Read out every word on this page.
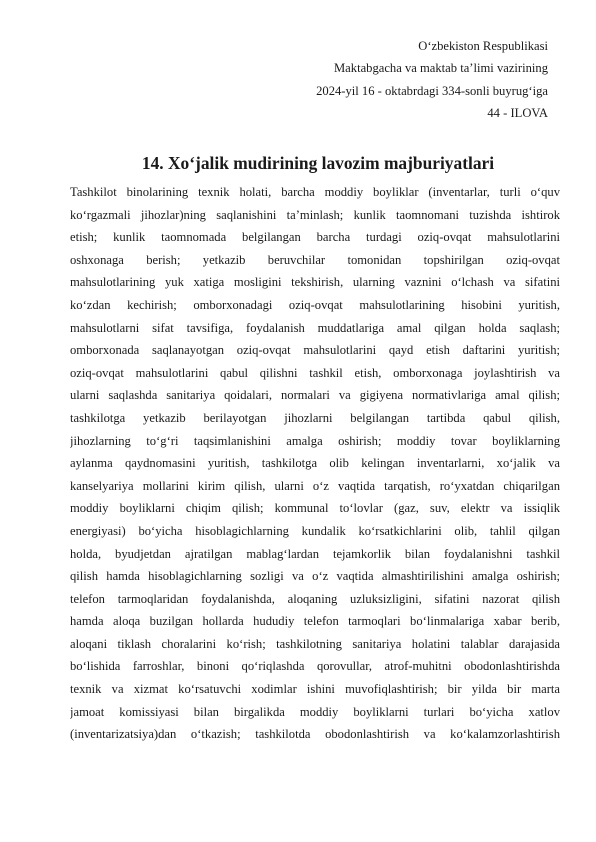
O‘zbekiston Respublikasi
Maktabgacha va maktab ta’limi vazirining
2024-yil 16 - oktabrdagi 334-sonli buyrug‘iga
44 - ILOVA
14. Xo‘jalik mudirining lavozim majburiyatlari
Tashkilot binolarining texnik holati, barcha moddiy boyliklar (inventarlar, turli o‘quv
ko‘rgazmali jihozlar)ning saqlanishini ta’minlash; kunlik taomnomani tuzishda ishtirok
etish; kunlik taomnomada belgilangan barcha turdagi oziq-ovqat mahsulotlarini
oshxonaga berish; yetkazib beruvchilar tomonidan topshirilgan oziq-ovqat
mahsulotlarining yuk xatiga mosligini tekshirish, ularning vaznini o‘lchash va sifatini
ko‘zdan kechirish; omborxonadagi oziq-ovqat mahsulotlarining hisobini yuritish,
mahsulotlarni sifat tavsifiga, foydalanish muddatlariga amal qilgan holda saqlash;
omborxonada saqlanayotgan oziq-ovqat mahsulotlarini qayd etish daftarini yuritish;
oziq-ovqat mahsulotlarini qabul qilishni tashkil etish, omborxonaga joylashtirish va
ularni saqlashda sanitariya qoidalari, normalari va gigiyena normativlariga amal qilish;
tashkilotga yetkazib berilayotgan jihozlarni belgilangan tartibda qabul qilish,
jihozlarning to‘g‘ri taqsimlanishini amalga oshirish; moddiy tovar boyliklarning
aylanma qaydnomasini yuritish, tashkilotga olib kelingan inventarlarni, xo‘jalik va
kanselyariya mollarini kirim qilish, ularni o‘z vaqtida tarqatish, ro‘yxatdan chiqarilgan
moddiy boyliklarni chiqim qilish; kommunal to‘lovlar (gaz, suv, elektr va issiqlik
energiyasi) bo‘yicha hisoblagichlarning kundalik ko‘rsatkichlarini olib, tahlil qilgan
holda, byudjetdan ajratilgan mablag‘lardan tejamkorlik bilan foydalanishni tashkil
qilish hamda hisoblagichlarning sozligi va o‘z vaqtida almashtirilishini amalga oshirish;
telefon tarmoqlaridan foydalanishda, aloqaning uzluksizligini, sifatini nazorat qilish
hamda aloqa buzilgan hollarda hududiy telefon tarmoqlari bo‘linmalariga xabar berib,
aloqani tiklash choralarini ko‘rish; tashkilotning sanitariya holatini talablar darajasida
bo‘lishida farroshlar, binoni qo‘riqlashda qorovullar, atrof-muhitni obodonlashtirishda
texnik va xizmat ko‘rsatuvchi xodimlar ishini muvofiqlashtirish; bir yilda bir marta
jamoat komissiyasi bilan birgalikda moddiy boyliklarni turlari bo‘yicha xatlov
(inventarizatsiya)dan o‘tkazish; tashkilotda obodonlashtirish va ko‘kalamzorlashtirish
